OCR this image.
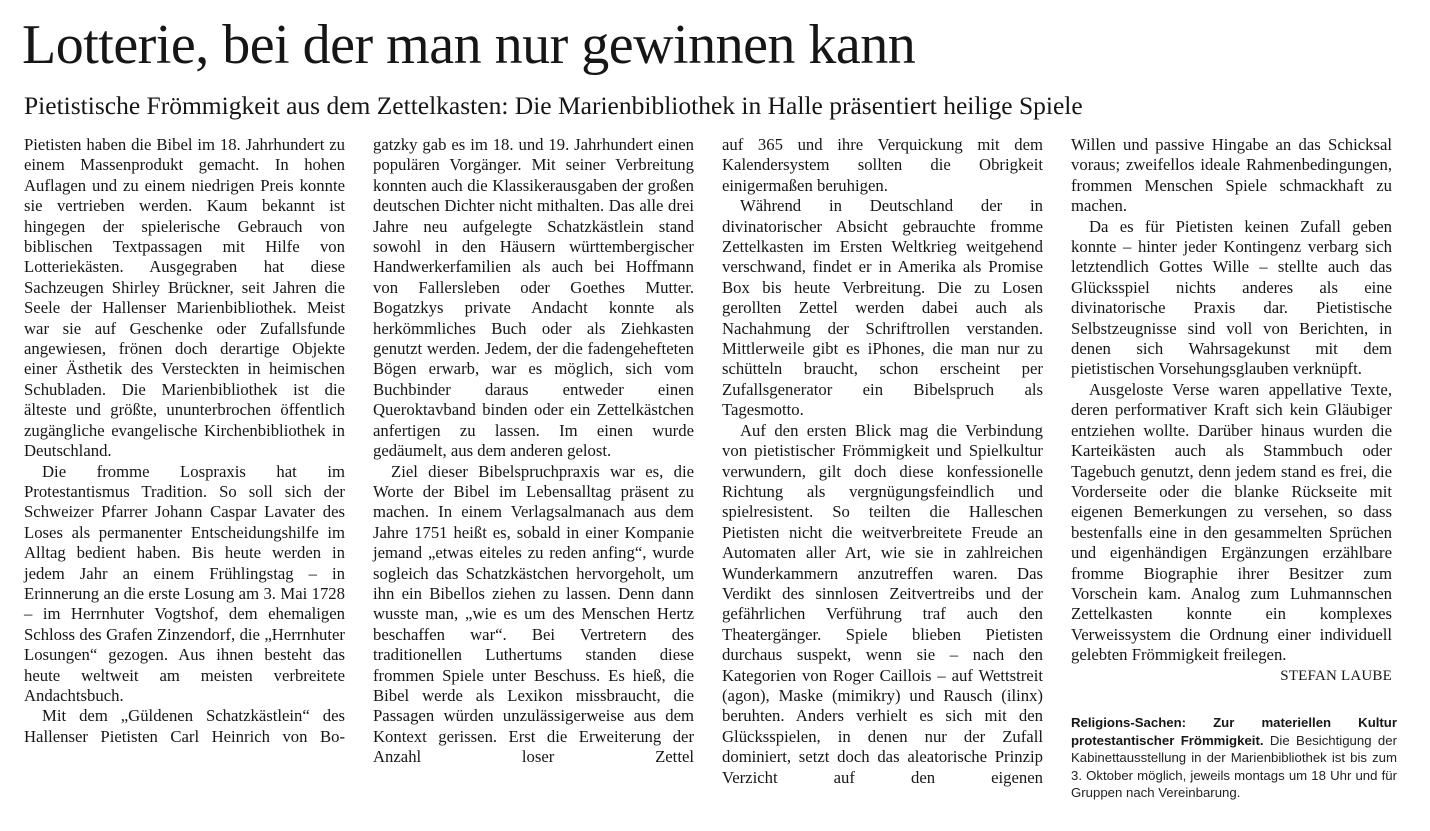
Lotterie, bei der man nur gewinnen kann
Pietistische Frömmigkeit aus dem Zettelkasten: Die Marienbibliothek in Halle präsentiert heilige Spiele

Pietisten haben die Bibel im 18. Jahrhundert zu einem Massenprodukt gemacht. In hohen Auflagen und zu einem niedrigen Preis konnte sie vertrieben werden. Kaum bekannt ist hingegen der spielerische Gebrauch von biblischen Textpassagen mit Hilfe von Lotteriekästen. Ausgegraben hat diese Sachzeugen Shirley Brückner, seit Jahren die Seele der Hallenser Marienbibliothek. Meist war sie auf Geschenke oder Zufallsfunde angewiesen, frönen doch derartige Objekte einer Ästhetik des Versteckten in heimischen Schubladen. Die Marienbibliothek ist die älteste und größte, ununterbrochen öffentlich zugängliche evangelische Kirchenbibliothek in Deutschland.

Die fromme Lospraxis hat im Protestantismus Tradition. So soll sich der Schweizer Pfarrer Johann Caspar Lavater des Loses als permanenter Entscheidungshilfe im Alltag bedient haben. Bis heute werden in jedem Jahr an einem Frühlingstag – in Erinnerung an die erste Losung am 3. Mai 1728 – im Herrnhuter Vogtshof, dem ehemaligen Schloss des Grafen Zinzendorf, die „Herrnhuter Losungen“ gezogen. Aus ihnen besteht das heute weltweit am meisten verbreitete Andachtsbuch.

Mit dem „Güldenen Schatzkästlein“ des Hallenser Pietisten Carl Heinrich von Bo-

gatzky gab es im 18. und 19. Jahrhundert einen populären Vorgänger. Mit seiner Verbreitung konnten auch die Klassikerausgaben der großen deutschen Dichter nicht mithalten. Das alle drei Jahre neu aufgelegte Schatzkästlein stand sowohl in den Häusern württembergischer Handwerkerfamilien als auch bei Hoffmann von Fallersleben oder Goethes Mutter. Bogatzkys private Andacht konnte als herkömmliches Buch oder als Ziehkasten genutzt werden. Jedem, der die fadengehefteten Bögen erwarb, war es möglich, sich vom Buchbinder daraus entweder einen Queroktavband binden oder ein Zettelkästchen anfertigen zu lassen. Im einen wurde gedäumelt, aus dem anderen gelost.

Ziel dieser Bibelspruchpraxis war es, die Worte der Bibel im Lebensalltag präsent zu machen. In einem Verlagsalmanach aus dem Jahre 1751 heißt es, sobald in einer Kompanie jemand „etwas eiteles zu reden anfing“, wurde sogleich das Schatzkästchen hervorgeholt, um ihn ein Bibellos ziehen zu lassen. Denn dann wusste man, „wie es um des Menschen Hertz beschaffen war“. Bei Vertretern des traditionellen Luthertums standen diese frommen Spiele unter Beschuss. Es hieß, die Bibel werde als Lexikon missbraucht, die Passagen würden unzulässigerweise aus dem Kontext gerissen. Erst die Erweiterung der Anzahl loser Zettel

auf 365 und ihre Verquickung mit dem Kalendersystem sollten die Obrigkeit einigermaßen beruhigen.

Während in Deutschland der in divinatorischer Absicht gebrauchte fromme Zettelkasten im Ersten Weltkrieg weitgehend verschwand, findet er in Amerika als Promise Box bis heute Verbreitung. Die zu Losen gerollten Zettel werden dabei auch als Nachahmung der Schriftrollen verstanden. Mittlerweile gibt es iPhones, die man nur zu schütteln braucht, schon erscheint per Zufallsgenerator ein Bibelspruch als Tagesmotto.

Auf den ersten Blick mag die Verbindung von pietistischer Frömmigkeit und Spielkultur verwundern, gilt doch diese konfessionelle Richtung als vergnügungsfeindlich und spielresistent. So teilten die Halleschen Pietisten nicht die weitverbreitete Freude an Automaten aller Art, wie sie in zahlreichen Wunderkammern anzutreffen waren. Das Verdikt des sinnlosen Zeitvertreibs und der gefährlichen Verführung traf auch den Theatergänger. Spiele blieben Pietisten durchaus suspekt, wenn sie – nach den Kategorien von Roger Caillois – auf Wettstreit (agon), Maske (mimikry) und Rausch (ilinx) beruhten. Anders verhielt es sich mit den Glücksspielen, in denen nur der Zufall dominiert, setzt doch das aleatorische Prinzip Verzicht auf den eigenen

Willen und passive Hingabe an das Schicksal voraus; zweifellos ideale Rahmenbedingungen, frommen Menschen Spiele schmackhaft zu machen.

Da es für Pietisten keinen Zufall geben konnte – hinter jeder Kontingenz verbarg sich letztendlich Gottes Wille – stellte auch das Glücksspiel nichts anderes als eine divinatorische Praxis dar. Pietistische Selbstzeugnisse sind voll von Berichten, in denen sich Wahrsagekunst mit dem pietistischen Vorsehungsglauben verknüpft.

Ausgeloste Verse waren appellative Texte, deren performativer Kraft sich kein Gläubiger entziehen wollte. Darüber hinaus wurden die Karteikästen auch als Stammbuch oder Tagebuch genutzt, denn jedem stand es frei, die Vorderseite oder die blanke Rückseite mit eigenen Bemerkungen zu versehen, so dass bestenfalls eine in den gesammelten Sprüchen und eigenhändigen Ergänzungen erzählbare fromme Biographie ihrer Besitzer zum Vorschein kam. Analog zum Luhmannschen Zettelkasten konnte ein komplexes Verweissystem die Ordnung einer individuell gelebten Frömmigkeit freilegen.
STEFAN LAUBE

Religions-Sachen: Zur materiellen Kultur protestantischer Frömmigkeit. Die Besichtigung der Kabinettausstellung in der Marienbibliothek ist bis zum 3. Oktober möglich, jeweils montags um 18 Uhr und für Gruppen nach Vereinbarung.
